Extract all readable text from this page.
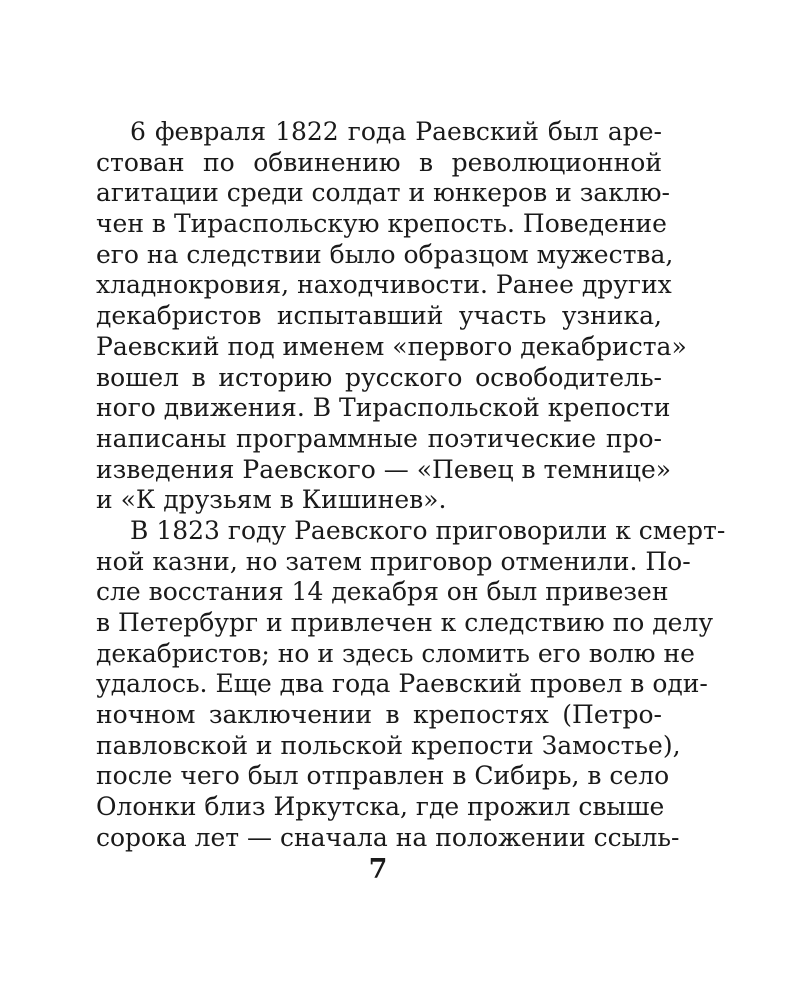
6 февраля 1822 года Раевский был аре-
стован по обвинению в революционной
агитации среди солдат и юнкеров и заклю-
чен в Тираспольскую крепость. Поведение
его на следствии было образцом мужества,
хладнокровия, находчивости. Ранее других
декабристов испытавший участь узника,
Раевский под именем «первого декабриста»
вошел в историю русского освободитель-
ного движения. В Тираспольской крепости
написаны программные поэтические про-
изведения Раевского — «Певец в темнице»
и «К друзьям в Кишинев».
В 1823 году Раевского приговорили к смерт-
ной казни, но затем приговор отменили. По-
сле восстания 14 декабря он был привезен
в Петербург и привлечен к следствию по делу
декабристов; но и здесь сломить его волю не
удалось. Еще два года Раевский провел в оди-
ночном заключении в крепостях (Петро-
павловской и польской крепости Замостье),
после чего был отправлен в Сибирь, в село
Олонки близ Иркутска, где прожил свыше
сорока лет — сначала на положении ссыль-
7
